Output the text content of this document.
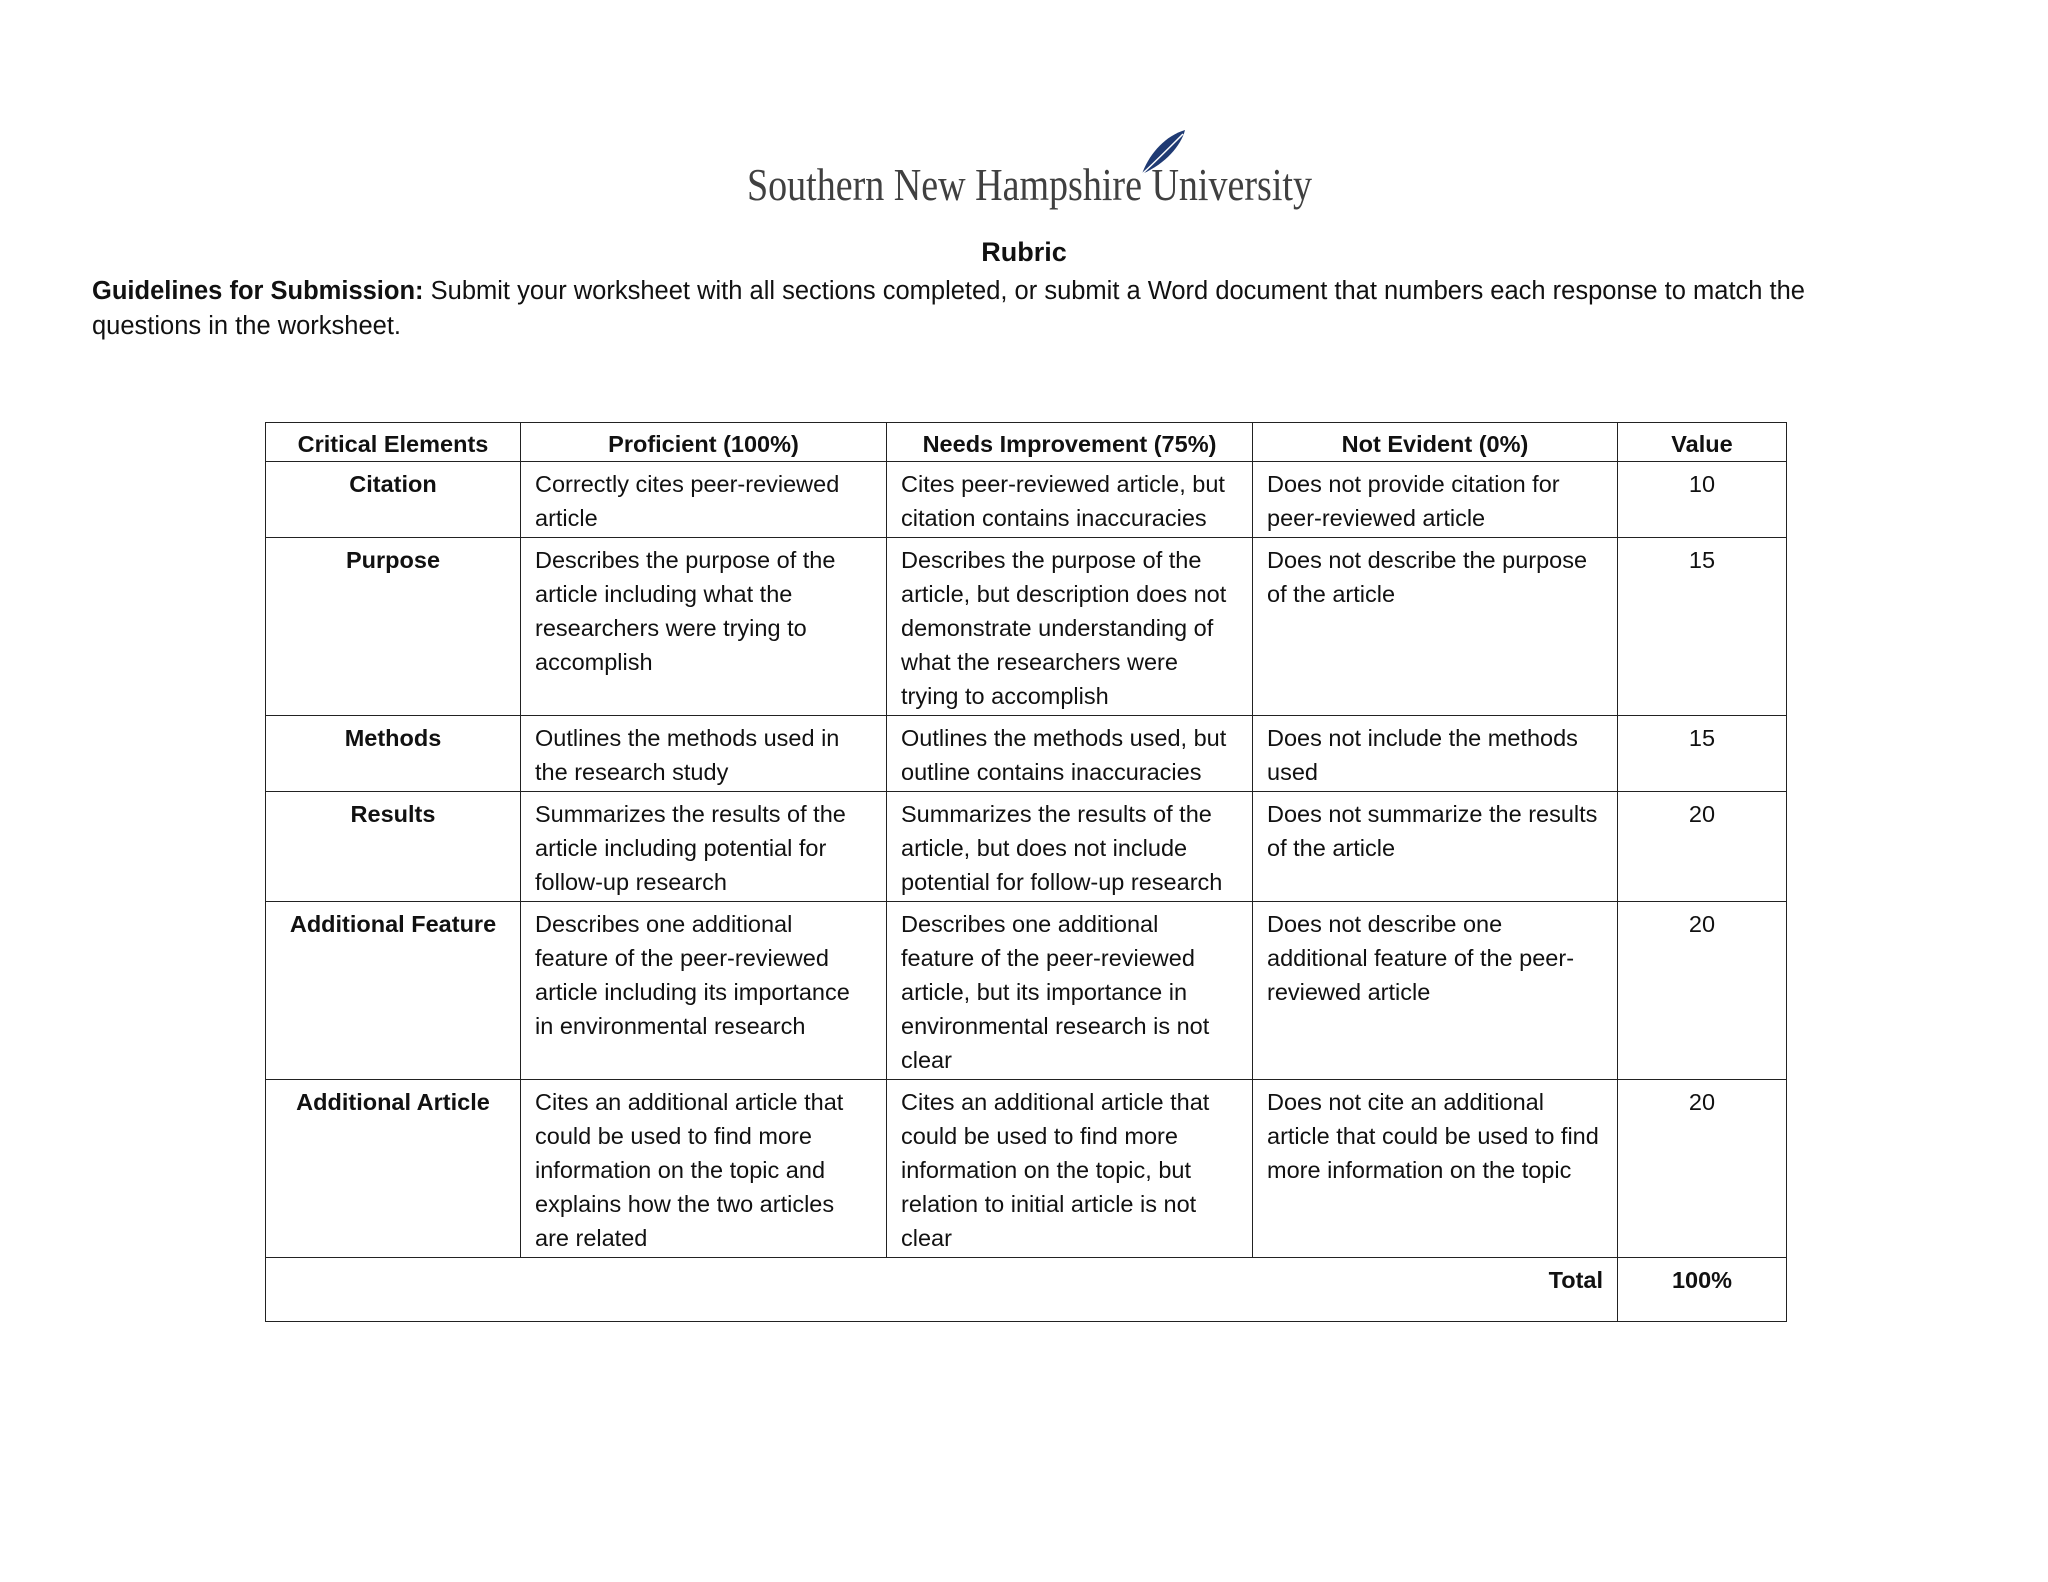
Southern New Hampshire University
Rubric
Guidelines for Submission: Submit your worksheet with all sections completed, or submit a Word document that numbers each response to match the questions in the worksheet.
Critical Elements	Proficient (100%)	Needs Improvement (75%)	Not Evident (0%)	Value
Citation	Correctly cites peer-reviewed article	Cites peer-reviewed article, but citation contains inaccuracies	Does not provide citation for peer-reviewed article	10
Purpose	Describes the purpose of the article including what the researchers were trying to accomplish	Describes the purpose of the article, but description does not demonstrate understanding of what the researchers were trying to accomplish	Does not describe the purpose of the article	15
Methods	Outlines the methods used in the research study	Outlines the methods used, but outline contains inaccuracies	Does not include the methods used	15
Results	Summarizes the results of the article including potential for follow-up research	Summarizes the results of the article, but does not include potential for follow-up research	Does not summarize the results of the article	20
Additional Feature	Describes one additional feature of the peer-reviewed article including its importance in environmental research	Describes one additional feature of the peer-reviewed article, but its importance in environmental research is not clear	Does not describe one additional feature of the peer-reviewed article	20
Additional Article	Cites an additional article that could be used to find more information on the topic and explains how the two articles are related	Cites an additional article that could be used to find more information on the topic, but relation to initial article is not clear	Does not cite an additional article that could be used to find more information on the topic	20
Total				100%
